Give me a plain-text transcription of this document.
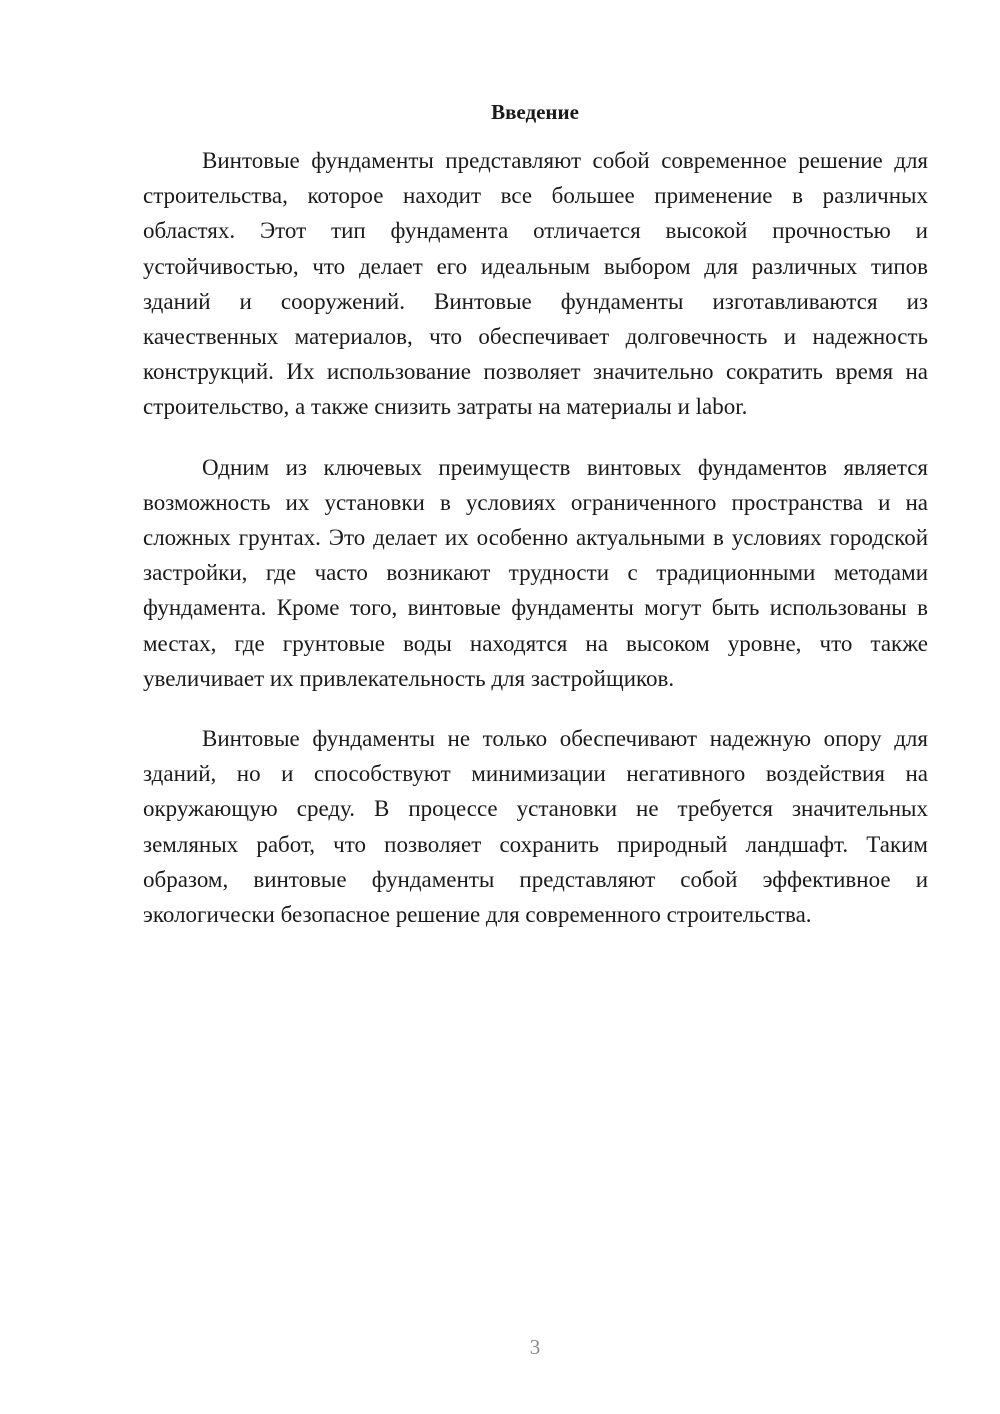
Введение

Винтовые фундаменты представляют собой современное решение для строительства, которое находит все большее применение в различных областях. Этот тип фундамента отличается высокой прочностью и устойчивостью, что делает его идеальным выбором для различных типов зданий и сооружений. Винтовые фундаменты изготавливаются из качественных материалов, что обеспечивает долговечность и надежность конструкций. Их использование позволяет значительно сократить время на строительство, а также снизить затраты на материалы и labor.

Одним из ключевых преимуществ винтовых фундаментов является возможность их установки в условиях ограниченного пространства и на сложных грунтах. Это делает их особенно актуальными в условиях городской застройки, где часто возникают трудности с традиционными методами фундамента. Кроме того, винтовые фундаменты могут быть использованы в местах, где грунтовые воды находятся на высоком уровне, что также увеличивает их привлекательность для застройщиков.

Винтовые фундаменты не только обеспечивают надежную опору для зданий, но и способствуют минимизации негативного воздействия на окружающую среду. В процессе установки не требуется значительных земляных работ, что позволяет сохранить природный ландшафт. Таким образом, винтовые фундаменты представляют собой эффективное и экологически безопасное решение для современного строительства.

3
